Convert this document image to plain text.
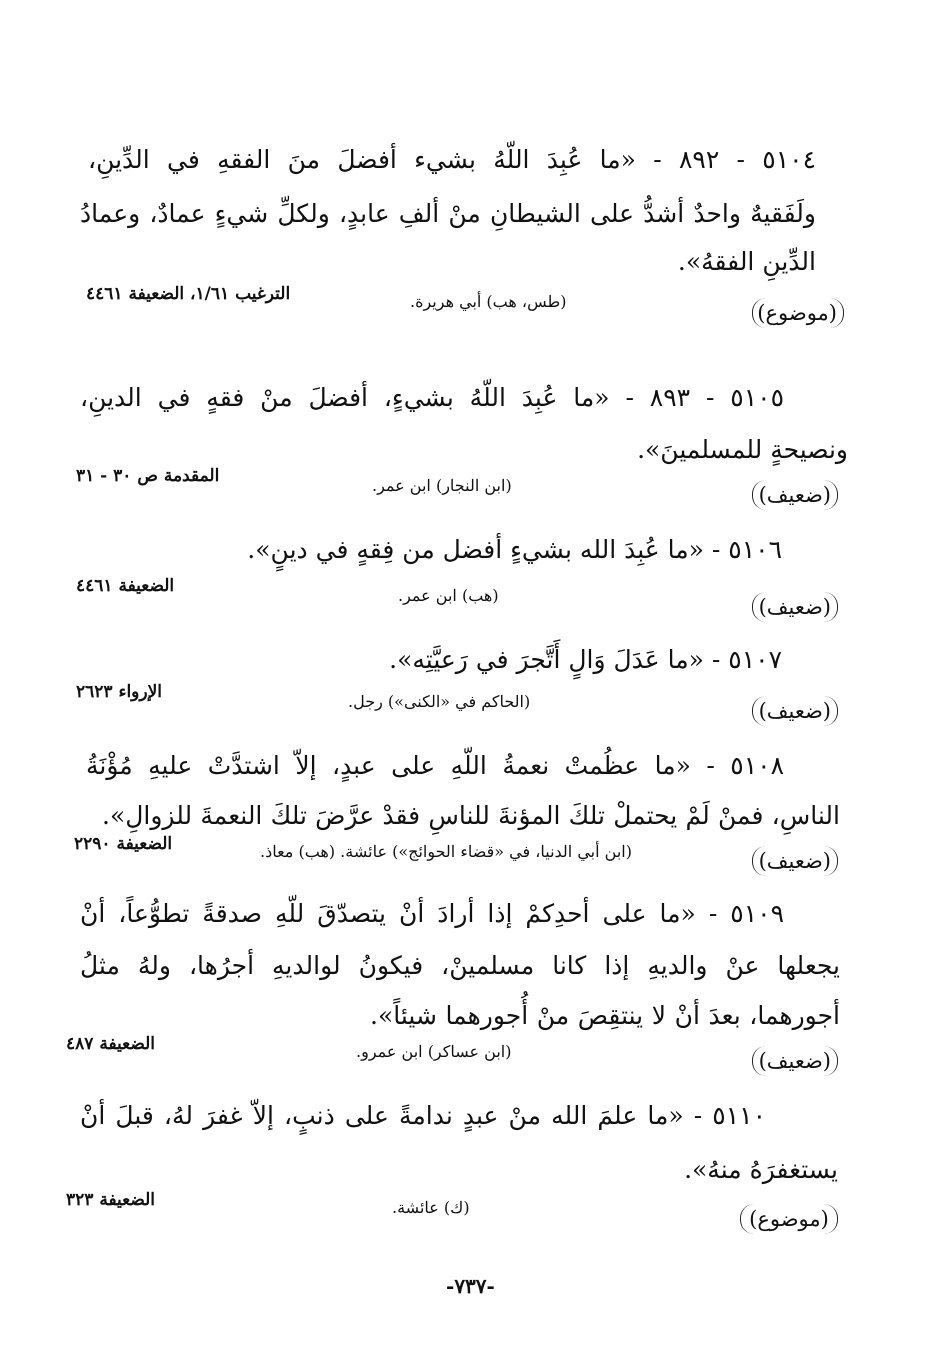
٥١٠٤ - ٨٩٢ - «ما عُبِدَ اللّهُ بشيء أفضلَ منَ الفقهِ في الدِّينِ،
ولَفَقيهٌ واحدٌ أشدُّ على الشيطانِ منْ ألفِ عابدٍ، ولكلِّ شيءٍ عمادٌ، وعمادُ
الدِّينِ الفقهُ».
(موضوع)
(طس، هب) أبي هريرة.
الترغيب ١/٦١، الضعيفة ٤٤٦١
٥١٠٥ - ٨٩٣ - «ما عُبِدَ اللّهُ بشيءٍ، أفضلَ منْ فقهٍ في الدينِ،
ونصيحةٍ للمسلمينَ».
(ضعيف)
(ابن النجار) ابن عمر.
المقدمة ص ٣٠ - ٣١
٥١٠٦ - «ما عُبِدَ الله بشيءٍ أفضل من فِقهٍ في دينٍ».
(ضعيف)
(هب) ابن عمر.
الضعيفة ٤٤٦١
٥١٠٧ - «ما عَدَلَ وَالٍ أَتَّجرَ في رَعيَّتِه».
(ضعيف)
(الحاكم في «الكنى») رجل.
الإرواء ٢٦٢٣
٥١٠٨ - «ما عظُمتْ نعمةُ اللّهِ على عبدٍ، إلاّ اشتدَّتْ عليهِ مُؤْنَةُ
الناسِ، فمنْ لَمْ يحتملْ تلكَ المؤنةَ للناسِ فقدْ عرَّضَ تلكَ النعمةَ للزوالِ».
(ضعيف)
(ابن أبي الدنيا، في «قضاء الحوائج») عائشة. (هب) معاذ.
الضعيفة ٢٢٩٠
٥١٠٩ - «ما على أحدِكمْ إذا أرادَ أنْ يتصدّقَ للّهِ صدقةً تطوُّعاً، أنْ
يجعلها عنْ والديهِ إذا كانا مسلمينْ، فيكونُ لوالديهِ أجرُها، ولهُ مثلُ
أجورهما، بعدَ أنْ لا ينتقِصَ منْ أُجورهما شيئاً».
(ضعيف)
(ابن عساكر) ابن عمرو.
الضعيفة ٤٨٧
٥١١٠ - «ما علمَ الله منْ عبدٍ ندامةً على ذنبٍ، إلاّ غفرَ لهُ، قبلَ أنْ
يستغفرَهُ منهُ».
(موضوع)
(ك) عائشة.
الضعيفة ٣٢٣
-٧٣٧-
